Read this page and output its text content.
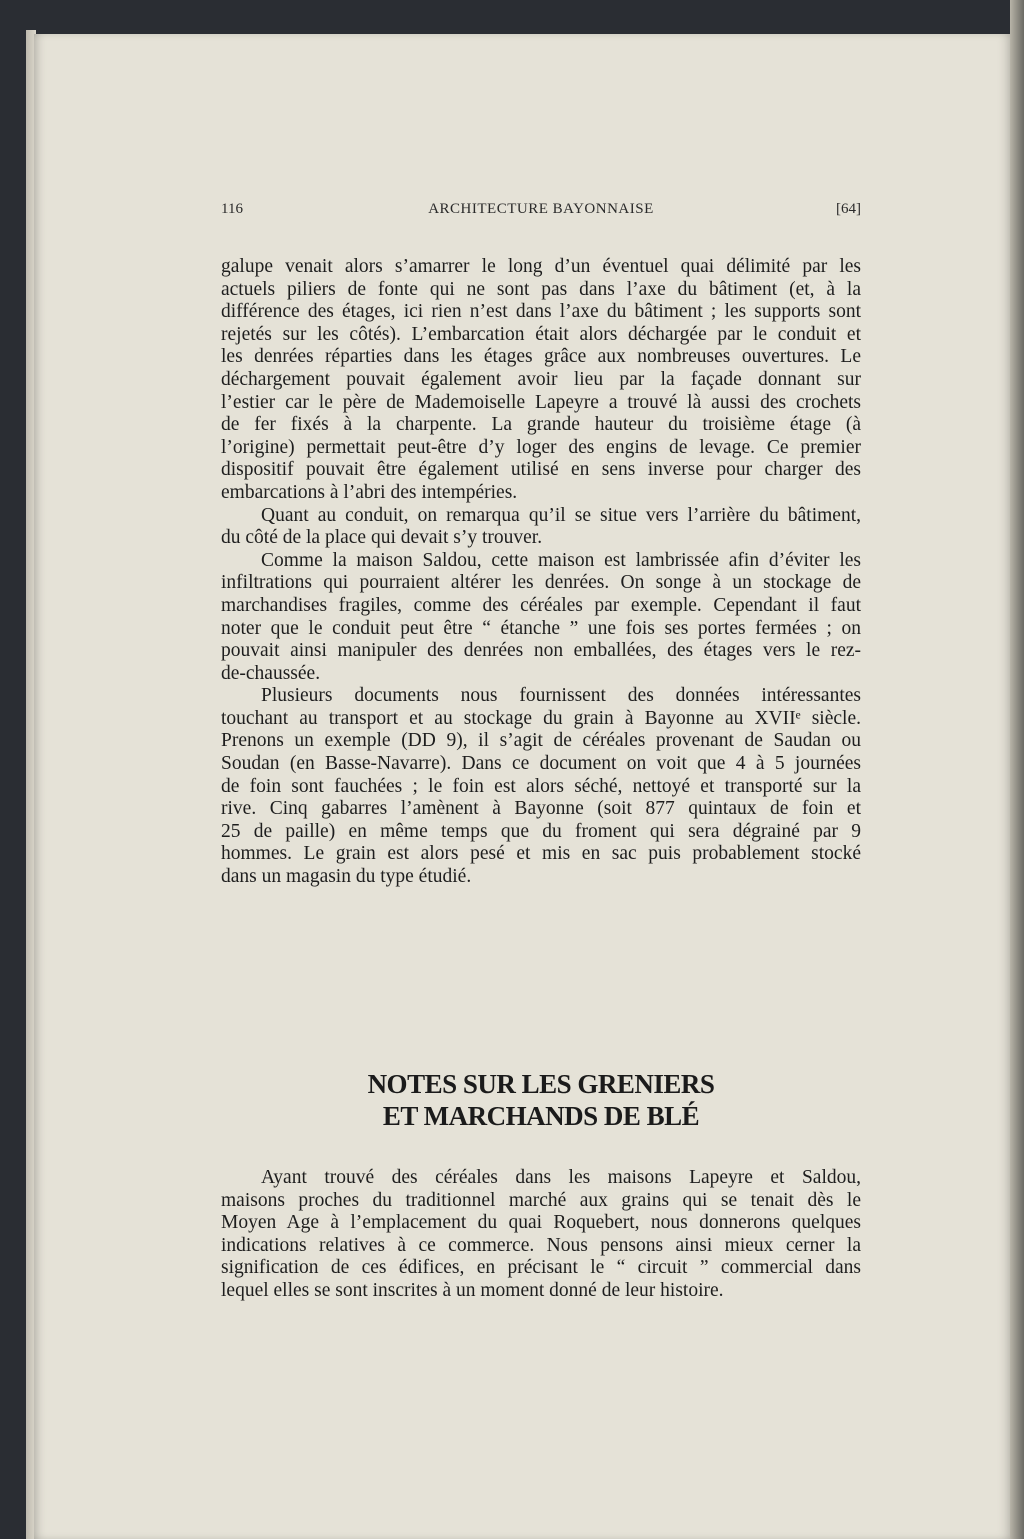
116	ARCHITECTURE BAYONNAISE	[64]
galupe venait alors s’amarrer le long d’un éventuel quai délimité par les
actuels piliers de fonte qui ne sont pas dans l’axe du bâtiment (et, à la
différence des étages, ici rien n’est dans l’axe du bâtiment ; les supports sont
rejetés sur les côtés). L’embarcation était alors déchargée par le conduit et
les denrées réparties dans les étages grâce aux nombreuses ouvertures. Le
déchargement pouvait également avoir lieu par la façade donnant sur
l’estier car le père de Mademoiselle Lapeyre a trouvé là aussi des crochets
de fer fixés à la charpente. La grande hauteur du troisième étage (à
l’origine) permettait peut-être d’y loger des engins de levage. Ce premier
dispositif pouvait être également utilisé en sens inverse pour charger des
embarcations à l’abri des intempéries.
Quant au conduit, on remarqua qu’il se situe vers l’arrière du bâtiment,
du côté de la place qui devait s’y trouver.
Comme la maison Saldou, cette maison est lambrissée afin d’éviter les
infiltrations qui pourraient altérer les denrées. On songe à un stockage de
marchandises fragiles, comme des céréales par exemple. Cependant il faut
noter que le conduit peut être “ étanche ” une fois ses portes fermées ; on
pouvait ainsi manipuler des denrées non emballées, des étages vers le rez-
de-chaussée.
Plusieurs documents nous fournissent des données intéressantes
touchant au transport et au stockage du grain à Bayonne au XVIIᵉ siècle.
Prenons un exemple (DD 9), il s’agit de céréales provenant de Saudan ou
Soudan (en Basse-Navarre). Dans ce document on voit que 4 à 5 journées
de foin sont fauchées ; le foin est alors séché, nettoyé et transporté sur la
rive. Cinq gabarres l’amènent à Bayonne (soit 877 quintaux de foin et
25 de paille) en même temps que du froment qui sera dégrainé par 9
hommes. Le grain est alors pesé et mis en sac puis probablement stocké
dans un magasin du type étudié.
NOTES SUR LES GRENIERS
ET MARCHANDS DE BLÉ
Ayant trouvé des céréales dans les maisons Lapeyre et Saldou,
maisons proches du traditionnel marché aux grains qui se tenait dès le
Moyen Age à l’emplacement du quai Roquebert, nous donnerons quelques
indications relatives à ce commerce. Nous pensons ainsi mieux cerner la
signification de ces édifices, en précisant le “ circuit ” commercial dans
lequel elles se sont inscrites à un moment donné de leur histoire.
